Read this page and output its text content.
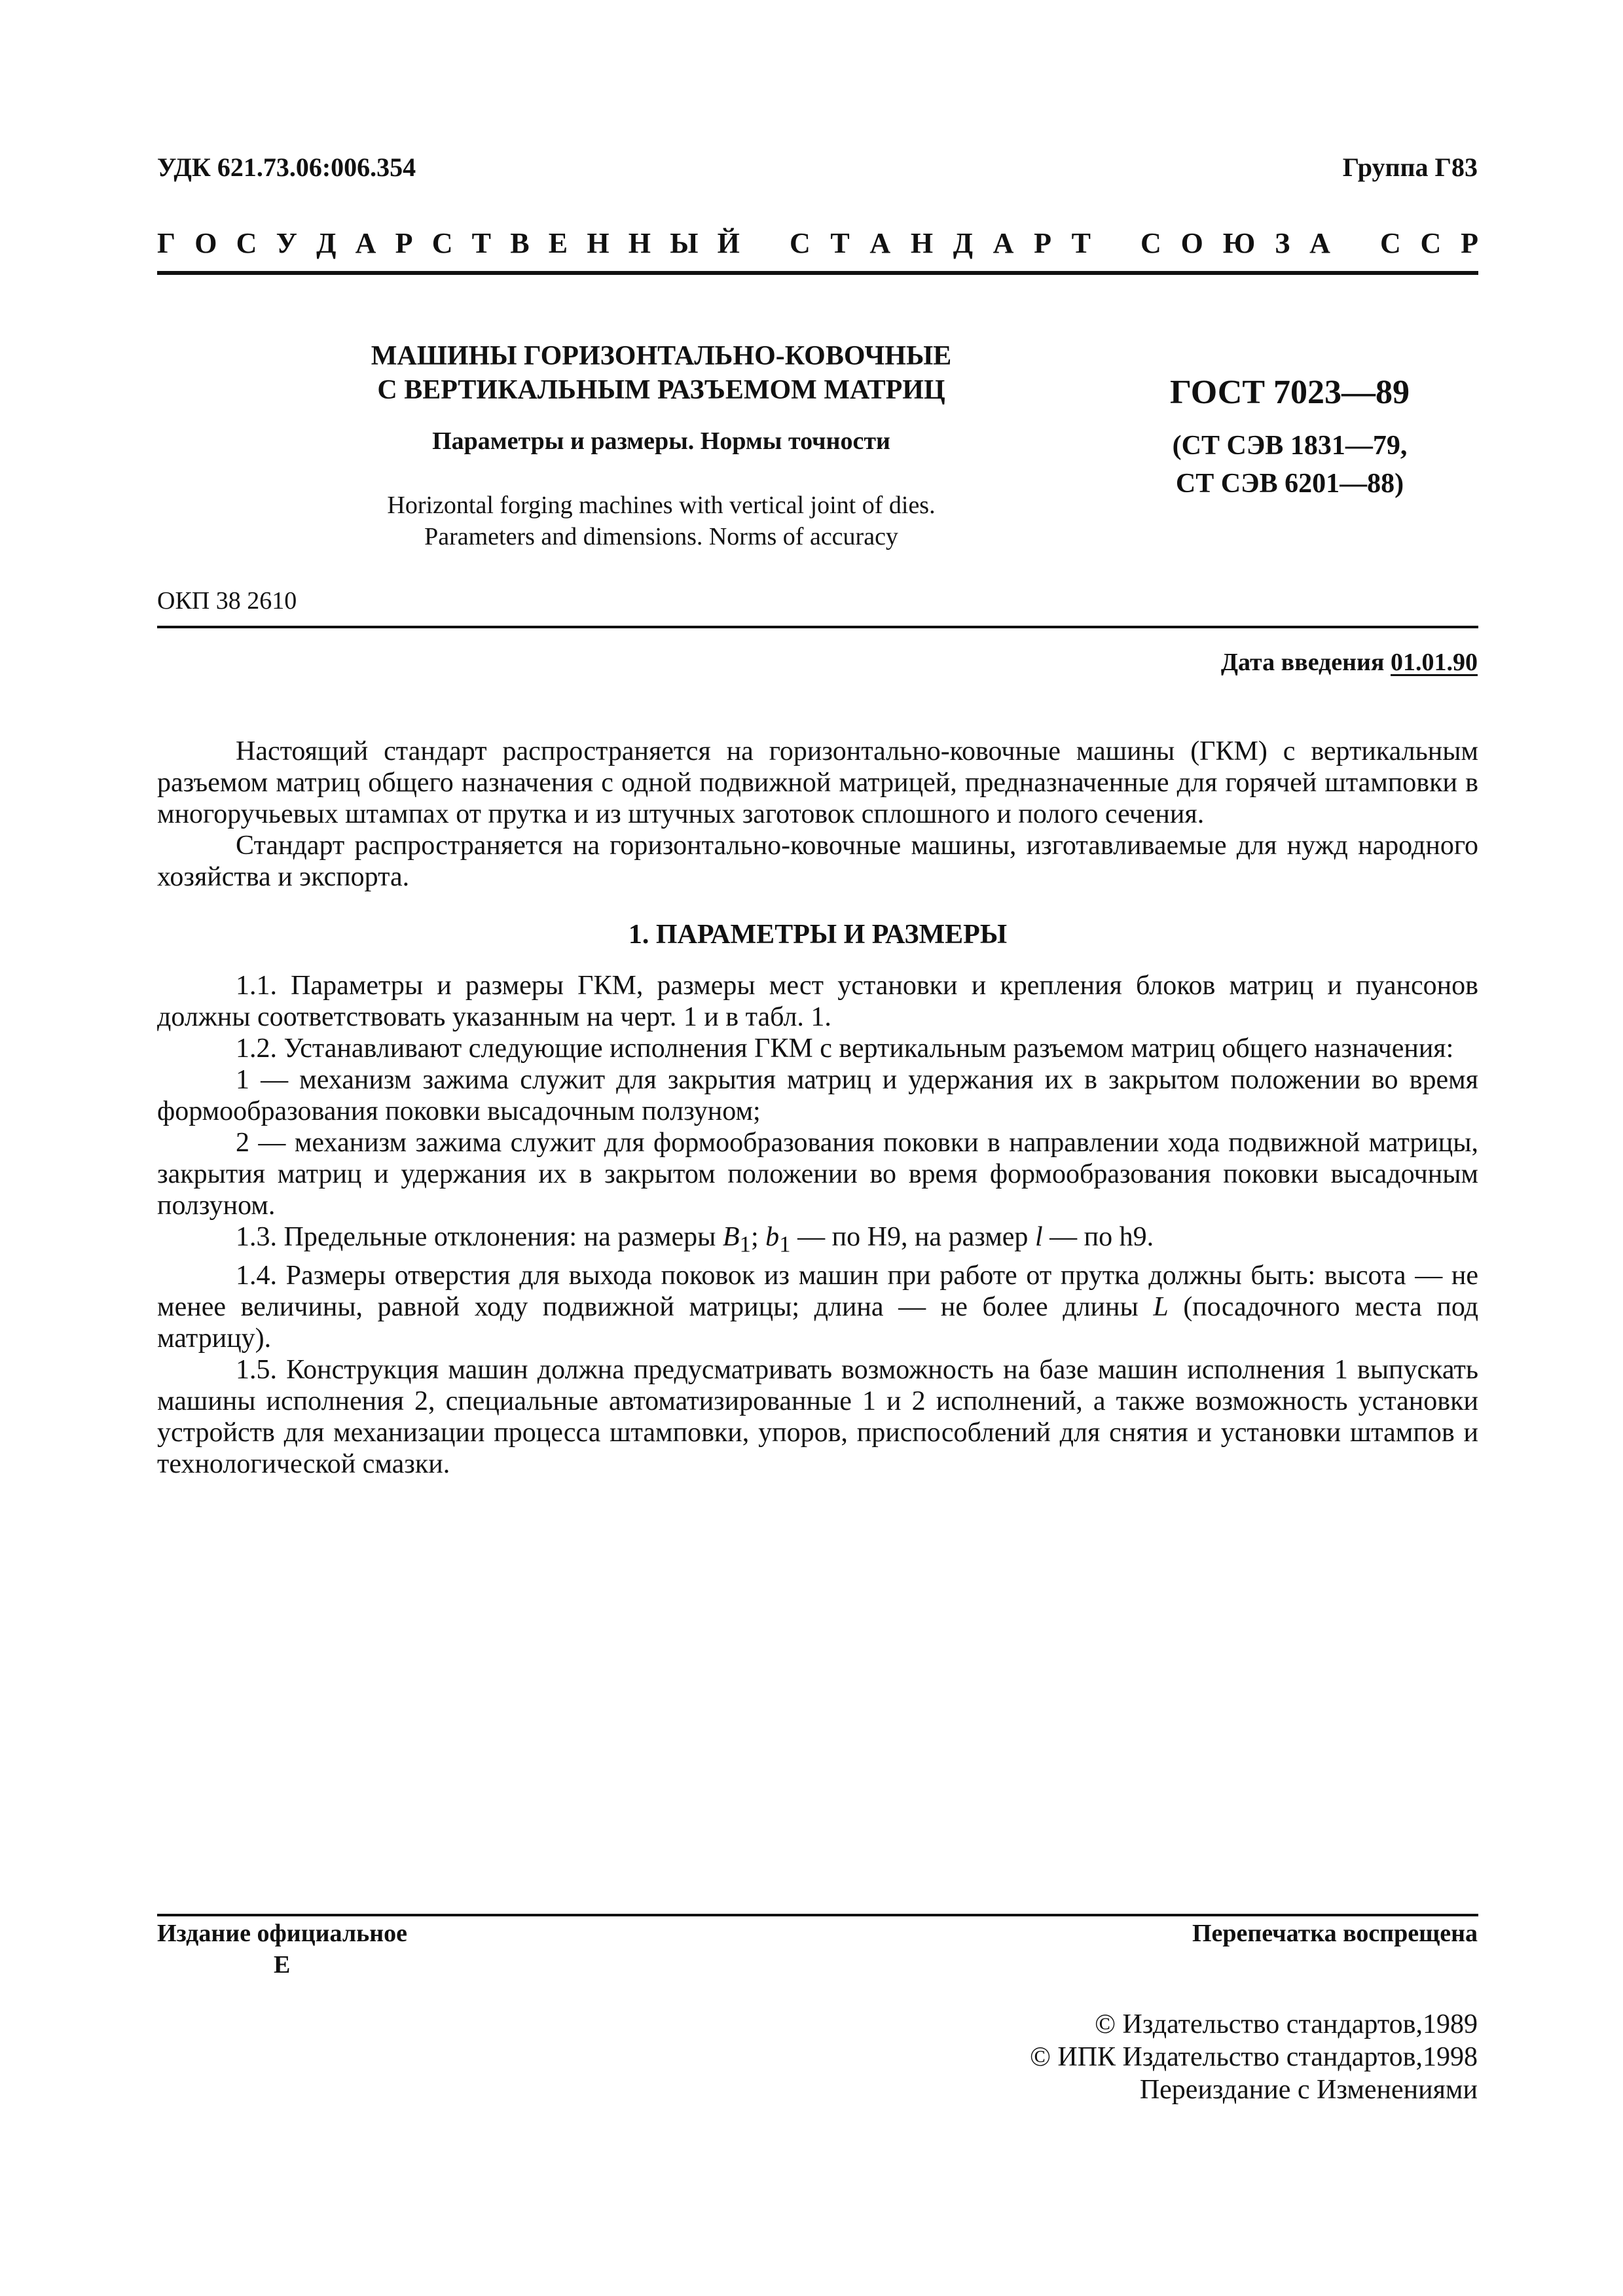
УДК 621.73.06:006.354	Группа Г83
Г О С У Д А Р С Т В Е Н Н Ы Й С Т А Н Д А Р Т С О Ю З А С С Р
МАШИНЫ ГОРИЗОНТАЛЬНО-КОВОЧНЫЕ
С ВЕРТИКАЛЬНЫМ РАЗЪЕМОМ МАТРИЦ
Параметры и размеры. Нормы точности
Horizontal forging machines with vertical joint of dies.
Parameters and dimensions. Norms of accuracy
ГОСТ 7023—89
(СТ СЭВ 1831—79,
СТ СЭВ 6201—88)
ОКП 38 2610
Дата введения 01.01.90

Настоящий стандарт распространяется на горизонтально-ковочные машины (ГКМ) с вертикальным разъемом матриц общего назначения с одной подвижной матрицей, предназначенные для горячей штамповки в многоручьевых штампах от прутка и из штучных заготовок сплошного и полого сечения.

Стандарт распространяется на горизонтально-ковочные машины, изготавливаемые для нужд народного хозяйства и экспорта.

1. ПАРАМЕТРЫ И РАЗМЕРЫ

1.1. Параметры и размеры ГКМ, размеры мест установки и крепления блоков матриц и пуансонов должны соответствовать указанным на черт. 1 и в табл. 1.

1.2. Устанавливают следующие исполнения ГКМ с вертикальным разъемом матриц общего назначения:

1 — механизм зажима служит для закрытия матриц и удержания их в закрытом положении во время формообразования поковки высадочным ползуном;

2 — механизм зажима служит для формообразования поковки в направлении хода подвижной матрицы, закрытия матриц и удержания их в закрытом положении во время формообразования поковки высадочным ползуном.

1.3. Предельные отклонения: на размеры $B_1$; $b_1$ — по H9, на размер l — по h9.

1.4. Размеры отверстия для выхода поковок из машин при работе от прутка должны быть: высота — не менее величины, равной ходу подвижной матрицы; длина — не более длины L (посадочного места под матрицу).

1.5. Конструкция машин должна предусматривать возможность на базе машин исполнения 1 выпускать машины исполнения 2, специальные автоматизированные 1 и 2 исполнений, а также возможность установки устройств для механизации процесса штамповки, упоров, приспособлений для снятия и установки штампов и технологической смазки.

Издание официальное
Е
Перепечатка воспрещена
© Издательство стандартов,1989
© ИПК Издательство стандартов,1998
Переиздание с Изменениями
